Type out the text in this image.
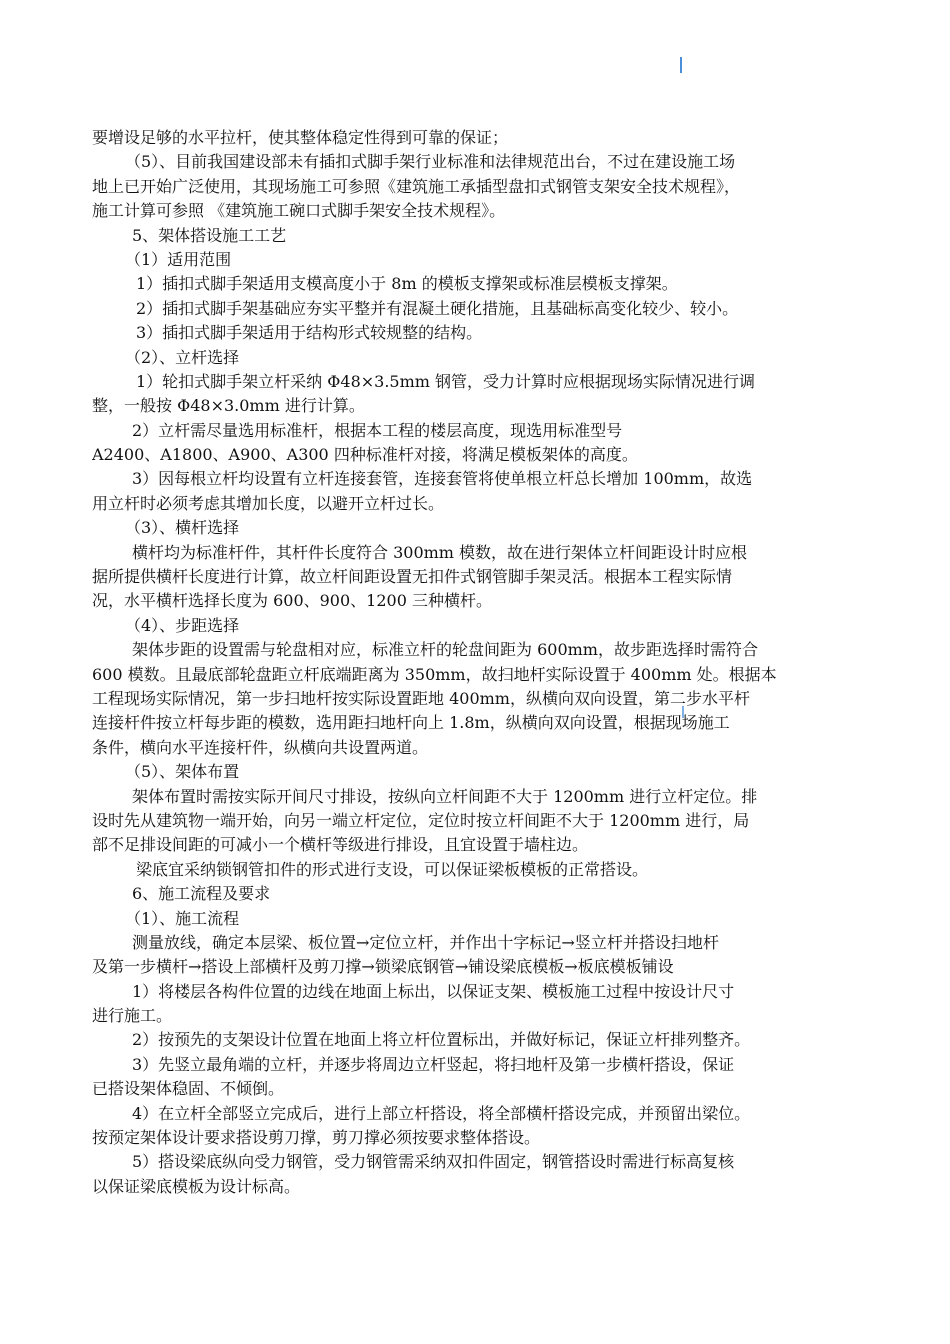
要增设足够的水平拉杆，使其整体稳定性得到可靠的保证；
（5）、目前我国建设部未有插扣式脚手架行业标准和法律规范出台，不过在建设施工场
地上已开始广泛使用，其现场施工可参照《建筑施工承插型盘扣式钢管支架安全技术规程》，
施工计算可参照 《建筑施工碗口式脚手架安全技术规程》。
5、架体搭设施工工艺
（1）适用范围
1）插扣式脚手架适用支模高度小于 8m 的模板支撑架或标准层模板支撑架。
2）插扣式脚手架基础应夯实平整并有混凝土硬化措施，且基础标高变化较少、较小。
3）插扣式脚手架适用于结构形式较规整的结构。
（2）、立杆选择
1）轮扣式脚手架立杆采纳 Φ48×3.5mm 钢管，受力计算时应根据现场实际情况进行调
整，一般按 Φ48×3.0mm 进行计算。
2）立杆需尽量选用标准杆，根据本工程的楼层高度，现选用标准型号
A2400、A1800、A900、A300 四种标准杆对接，将满足模板架体的高度。
3）因每根立杆均设置有立杆连接套管，连接套管将使单根立杆总长增加 100mm，故选
用立杆时必须考虑其增加长度，以避开立杆过长。
（3）、横杆选择
横杆均为标准杆件，其杆件长度符合 300mm 模数，故在进行架体立杆间距设计时应根
据所提供横杆长度进行计算，故立杆间距设置无扣件式钢管脚手架灵活。根据本工程实际情
况，水平横杆选择长度为 600、900、1200 三种横杆。
（4）、步距选择
架体步距的设置需与轮盘相对应，标准立杆的轮盘间距为 600mm，故步距选择时需符合
600 模数。且最底部轮盘距立杆底端距离为 350mm，故扫地杆实际设置于 400mm 处。根据本
工程现场实际情况，第一步扫地杆按实际设置距地 400mm，纵横向双向设置，第二步水平杆
连接杆件按立杆每步距的模数，选用距扫地杆向上 1.8m，纵横向双向设置，根据现场施工
条件，横向水平连接杆件，纵横向共设置两道。
（5）、架体布置
架体布置时需按实际开间尺寸排设，按纵向立杆间距不大于 1200mm 进行立杆定位。排
设时先从建筑物一端开始，向另一端立杆定位，定位时按立杆间距不大于 1200mm 进行，局
部不足排设间距的可减小一个横杆等级进行排设，且宜设置于墙柱边。
梁底宜采纳锁钢管扣件的形式进行支设，可以保证梁板模板的正常搭设。
6、施工流程及要求
（1）、施工流程
测量放线，确定本层梁、板位置→定位立杆，并作出十字标记→竖立杆并搭设扫地杆
及第一步横杆→搭设上部横杆及剪刀撑→锁梁底钢管→铺设梁底模板→板底模板铺设
1）将楼层各构件位置的边线在地面上标出，以保证支架、模板施工过程中按设计尺寸
进行施工。
2）按预先的支架设计位置在地面上将立杆位置标出，并做好标记，保证立杆排列整齐。
3）先竖立最角端的立杆，并逐步将周边立杆竖起，将扫地杆及第一步横杆搭设，保证
已搭设架体稳固、不倾倒。
4）在立杆全部竖立完成后，进行上部立杆搭设，将全部横杆搭设完成，并预留出梁位。
按预定架体设计要求搭设剪刀撑，剪刀撑必须按要求整体搭设。
5）搭设梁底纵向受力钢管，受力钢管需采纳双扣件固定，钢管搭设时需进行标高复核
以保证梁底模板为设计标高。
